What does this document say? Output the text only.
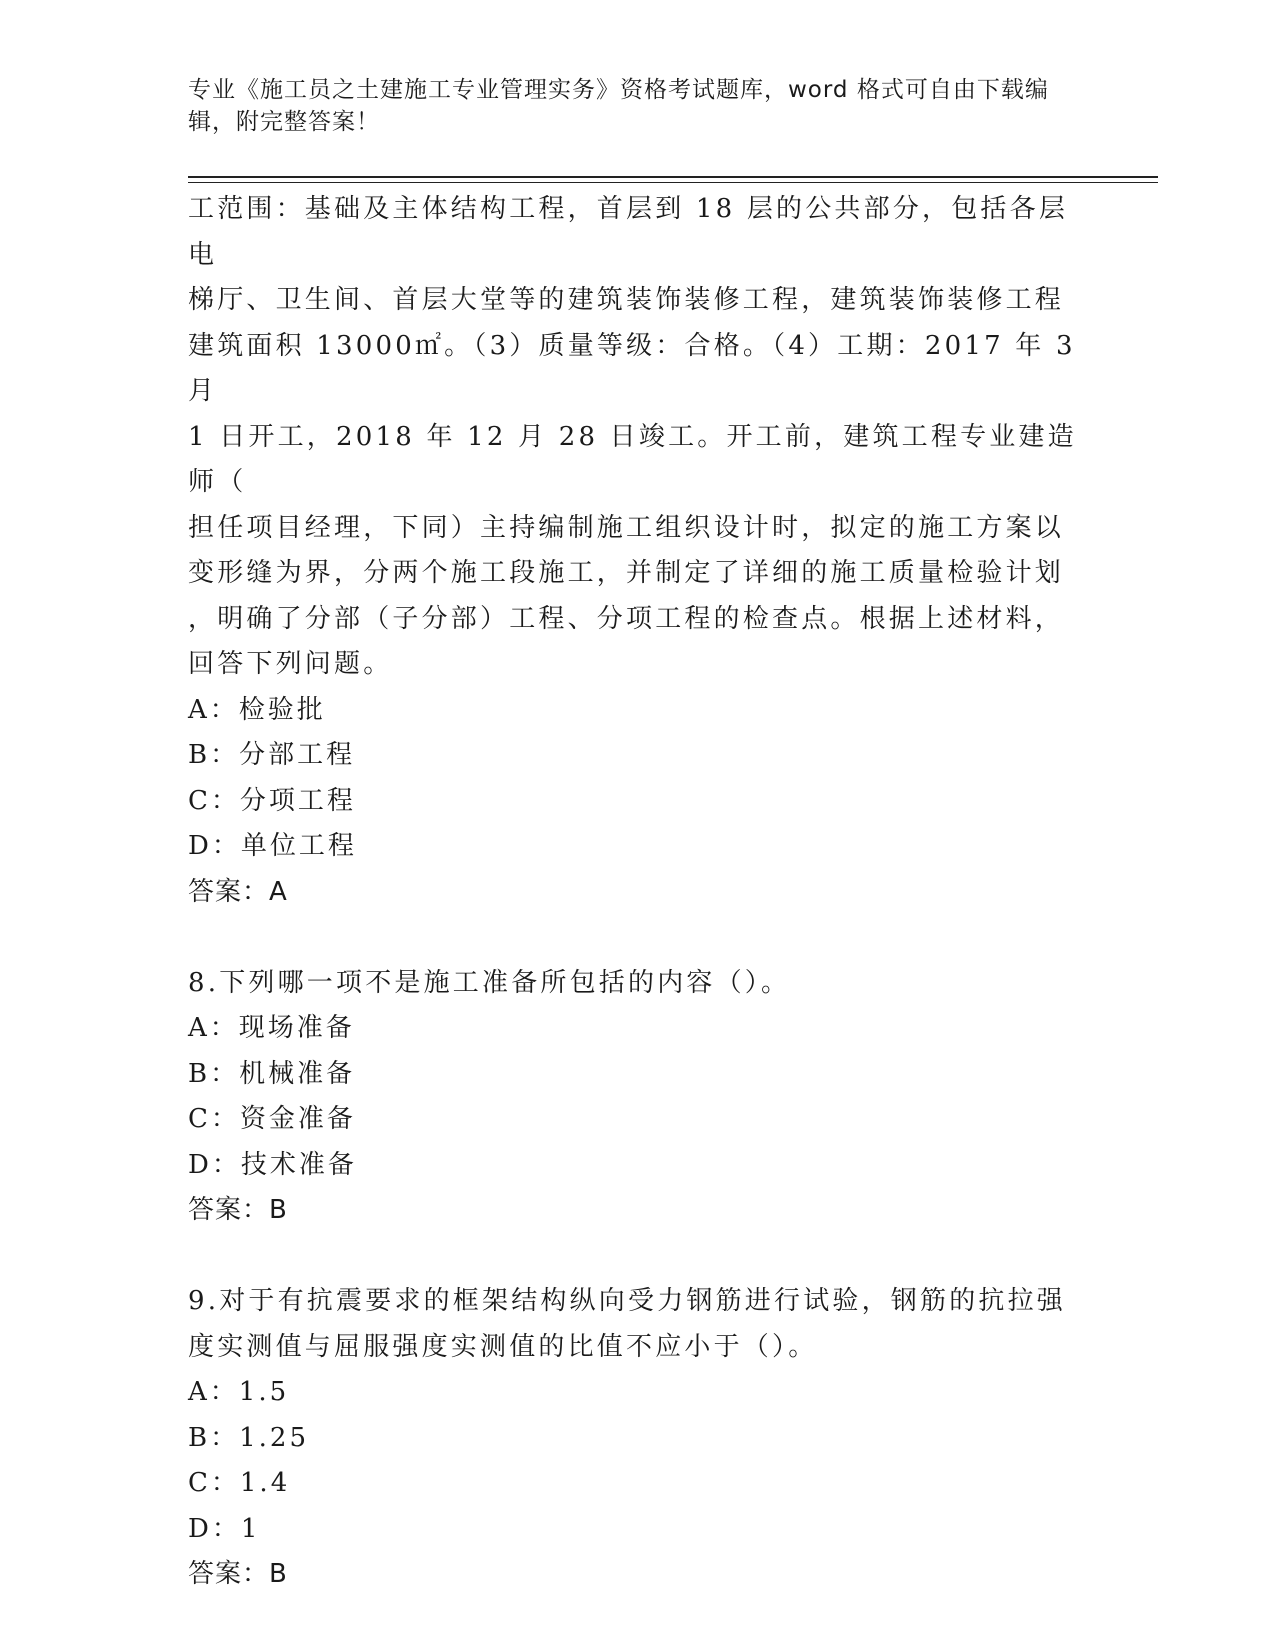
专业《施工员之土建施工专业管理实务》资格考试题库，word 格式可自由下载编辑，附完整答案！

工范围：基础及主体结构工程，首层到 18 层的公共部分，包括各层电

梯厅、卫生间、首层大堂等的建筑装饰装修工程，建筑装饰装修工程

建筑面积 13000㎡。（3）质量等级：合格。（4）工期：2017 年 3 月

1 日开工，2018 年 12 月 28 日竣工。开工前，建筑工程专业建造师（

担任项目经理，下同）主持编制施工组织设计时，拟定的施工方案以

变形缝为界，分两个施工段施工，并制定了详细的施工质量检验计划

，明确了分部（子分部）工程、分项工程的检查点。根据上述材料，

回答下列问题。

A：检验批

B：分部工程

C：分项工程

D：单位工程

答案：A

8.下列哪一项不是施工准备所包括的内容（）。

A：现场准备

B：机械准备

C：资金准备

D：技术准备

答案：B

9.对于有抗震要求的框架结构纵向受力钢筋进行试验，钢筋的抗拉强

度实测值与屈服强度实测值的比值不应小于（）。

A：1.5

B：1.25

C：1.4

D：1

答案：B
